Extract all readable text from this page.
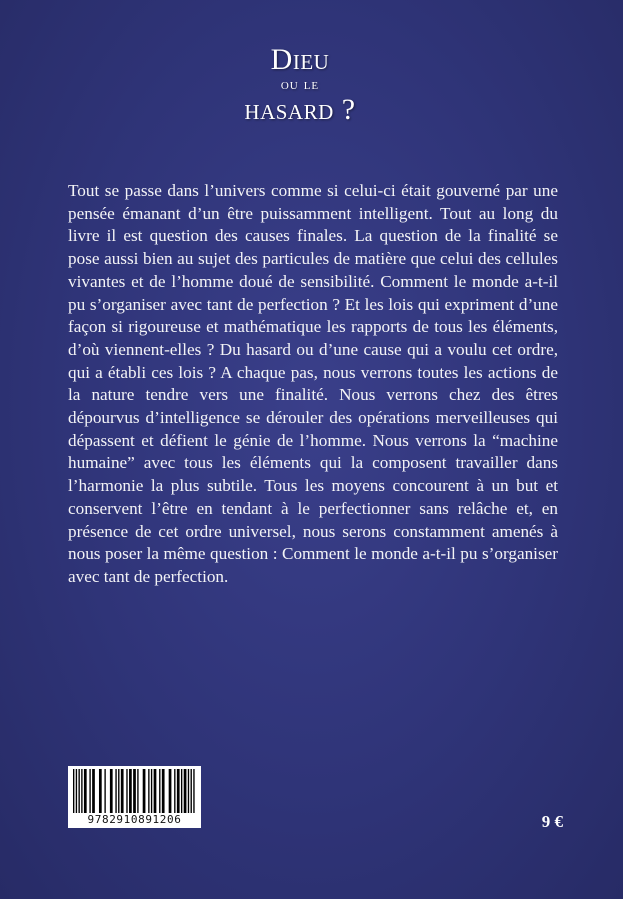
Dieu
ou le
hasard ?

Tout se passe dans l’univers comme si celui-ci était gouverné par une pensée émanant d’un être puissamment intelligent. Tout au long du livre il est question des causes finales. La question de la finalité se pose aussi bien au sujet des particules de matière que celui des cellules vivantes et de l’homme doué de sensibilité. Comment le monde a-t-il pu s’organiser avec tant de perfection ? Et les lois qui expriment d’une façon si rigoureuse et mathématique les rapports de tous les éléments, d’où viennent-elles ? Du hasard ou d’une cause qui a voulu cet ordre, qui a établi ces lois ? A chaque pas, nous verrons toutes les actions de la nature tendre vers une finalité. Nous verrons chez des êtres dépourvus d’intelligence se dérouler des opérations merveilleuses qui dépassent et défient le génie de l’homme. Nous verrons la “machine humaine” avec tous les éléments qui la composent travailler dans l’harmonie la plus subtile. Tous les moyens concourent à un but et conservent l’être en tendant à le perfectionner sans relâche et, en présence de cet ordre universel, nous serons constamment amenés à nous poser la même question : Comment le monde a-t-il pu s’organiser avec tant de perfection.

9782910891206	9 €
